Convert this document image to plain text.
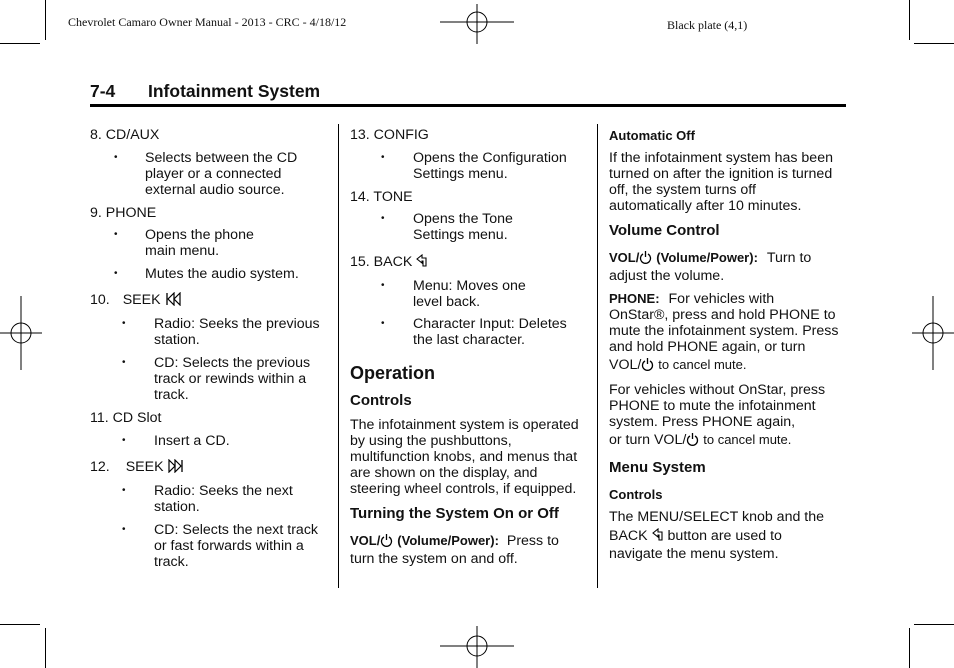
Chevrolet Camaro Owner Manual - 2013 - CRC - 4/18/12	Black plate (4,1)
7-4 Infotainment System
8. CD/AUX
• Selects between the CD
player or a connected
external audio source.
9. PHONE
• Opens the phone
main menu.
• Mutes the audio system.
10. SEEK
• Radio: Seeks the previous
station.
• CD: Selects the previous
track or rewinds within a
track.
11. CD Slot
• Insert a CD.
12. SEEK
• Radio: Seeks the next
station.
• CD: Selects the next track
or fast forwards within a
track.
13. CONFIG
• Opens the Configuration
Settings menu.
14. TONE
• Opens the Tone
Settings menu.
15. BACK
• Menu: Moves one
level back.
• Character Input: Deletes
the last character.
Operation
Controls
The infotainment system is operated
by using the pushbuttons,
multifunction knobs, and menus that
are shown on the display, and
steering wheel controls, if equipped.
Turning the System On or Off
VOL/ (Volume/Power): Press to
turn the system on and off.
Automatic Off
If the infotainment system has been
turned on after the ignition is turned
off, the system turns off
automatically after 10 minutes.
Volume Control
VOL/ (Volume/Power): Turn to
adjust the volume.
PHONE: For vehicles with
OnStar®, press and hold PHONE to
mute the infotainment system. Press
and hold PHONE again, or turn
VOL/ to cancel mute.
For vehicles without OnStar, press
PHONE to mute the infotainment
system. Press PHONE again,
or turn VOL/ to cancel mute.
Menu System
Controls
The MENU/SELECT knob and the
BACK button are used to
navigate the menu system.
